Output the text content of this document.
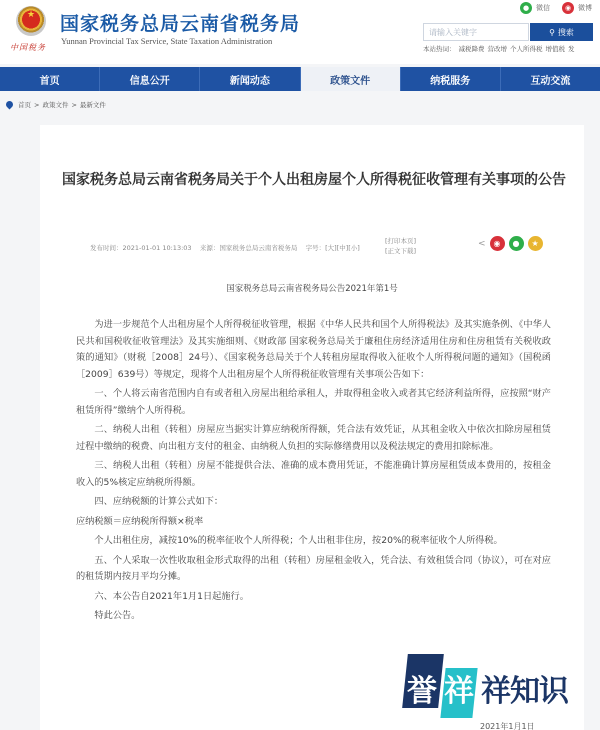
★
中国税务
国家税务总局云南省税务局
Yunnan Provincial Tax Service, State Taxation Administration
● 微信	◉ 微博
请输入关键字	⚲ 搜索
本站热词： 减税降费 营改增 个人所得税 增值税 发
首页	信息公开	新闻动态	政策文件	纳税服务	互动交流
首页 > 政策文件 > 最新文件
国家税务总局云南省税务局关于个人出租房屋个人所得税征收管理有关事项的公告
发布时间：2021-01-01 10:13:03 来源：国家税务总局云南省税务局 字号：[大][中][小]
[打印本页]
[正文下载]
<	◉	●	★
国家税务总局云南省税务局公告2021年第1号

为进一步规范个人出租房屋个人所得税征收管理，根据《中华人民共和国个人所得税法》及其实施条例、《中华人民共和国税收征收管理法》及其实施细则、《财政部 国家税务总局关于廉租住房经济适用住房和住房租赁有关税收政策的通知》（财税［2008］24号）、《国家税务总局关于个人转租房屋取得收入征收个人所得税问题的通知》（国税函［2009］639号）等规定，现将个人出租房屋个人所得税征收管理有关事项公告如下：

一、个人将云南省范围内自有或者租入房屋出租给承租人，并取得租金收入或者其它经济利益所得，应按照“财产租赁所得”缴纳个人所得税。

二、纳税人出租（转租）房屋应当据实计算应纳税所得额，凭合法有效凭证，从其租金收入中依次扣除房屋租赁过程中缴纳的税费、向出租方支付的租金、由纳税人负担的实际修缮费用以及税法规定的费用扣除标准。

三、纳税人出租（转租）房屋不能提供合法、准确的成本费用凭证，不能准确计算房屋租赁成本费用的，按租金收入的5%核定应纳税所得额。

四、应纳税额的计算公式如下：

应纳税额＝应纳税所得额×税率

个人出租住房，减按10%的税率征收个人所得税；个人出租非住房，按20%的税率征收个人所得税。

五、个人采取一次性收取租金形式取得的出租（转租）房屋租金收入，凭合法、有效租赁合同（协议），可在对应的租赁期内按月平均分摊。

六、本公告自2021年1月1日起施行。

特此公告。

2021年1月1日
誉 祥 祥知识
